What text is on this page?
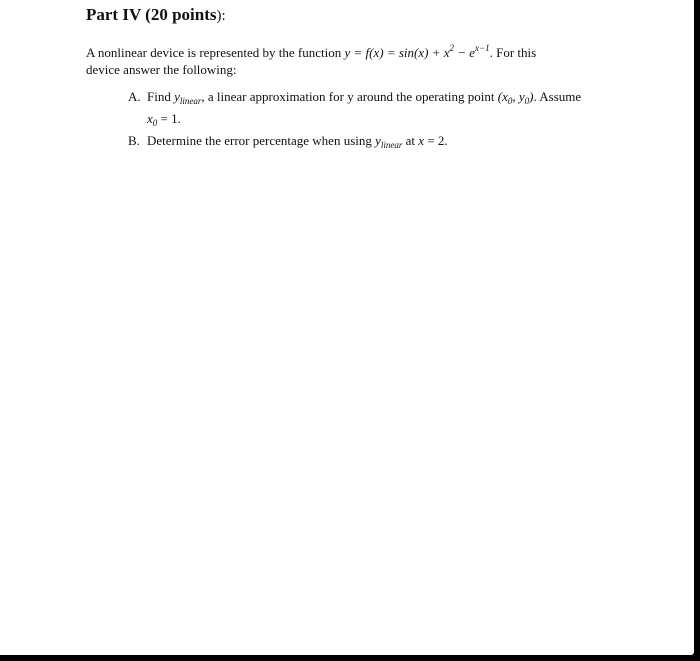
Part IV (20 points):
A nonlinear device is represented by the function $y = f(x) = \sin(x) + x^2 - e^{x-1}$. For this
device answer the following:
A. Find $y_{linear}$, a linear approximation for y around the operating point ($x_0$, $y_0$). Assume
$x_0 = 1$.
B. Determine the error percentage when using $y_{linear}$ at x = 2.
